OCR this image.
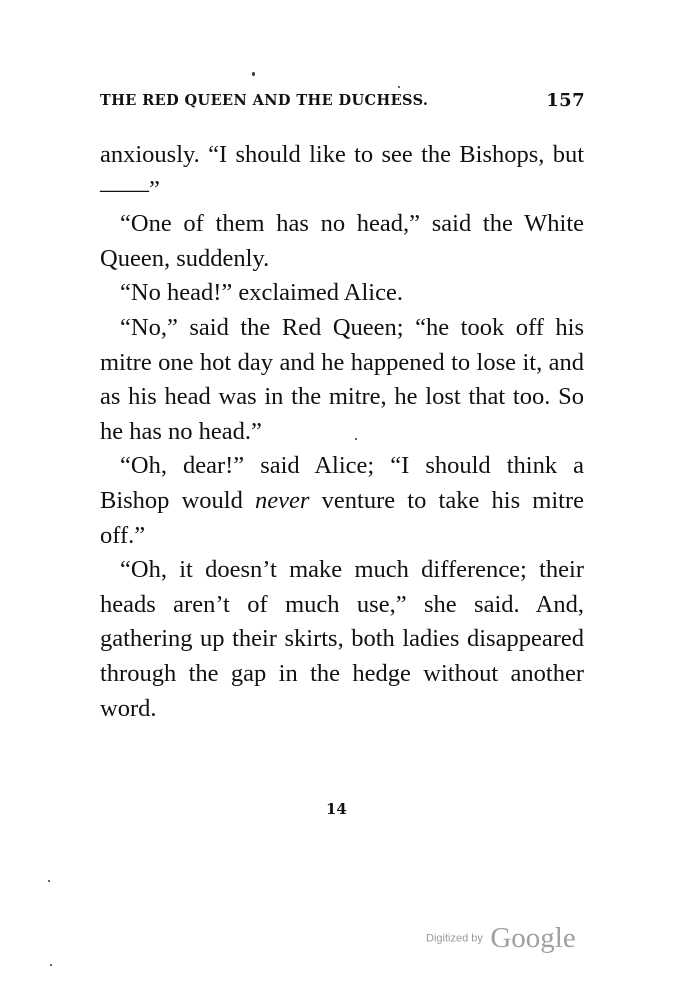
THE RED QUEEN AND THE DUCHESS.	157

anxiously. “I should like to see the Bishops, but——”

“One of them has no head,” said the White Queen, suddenly.

“No head!” exclaimed Alice.

“No,” said the Red Queen; “he took off his mitre one hot day and he happened to lose it, and as his head was in the mitre, he lost that too. So he has no head.”

“Oh, dear!” said Alice; “I should think a Bishop would never venture to take his mitre off.”

“Oh, it doesn’t make much difference; their heads aren’t of much use,” she said. And, gathering up their skirts, both ladies disappeared through the gap in the hedge without another word.

14
Digitized by Google
